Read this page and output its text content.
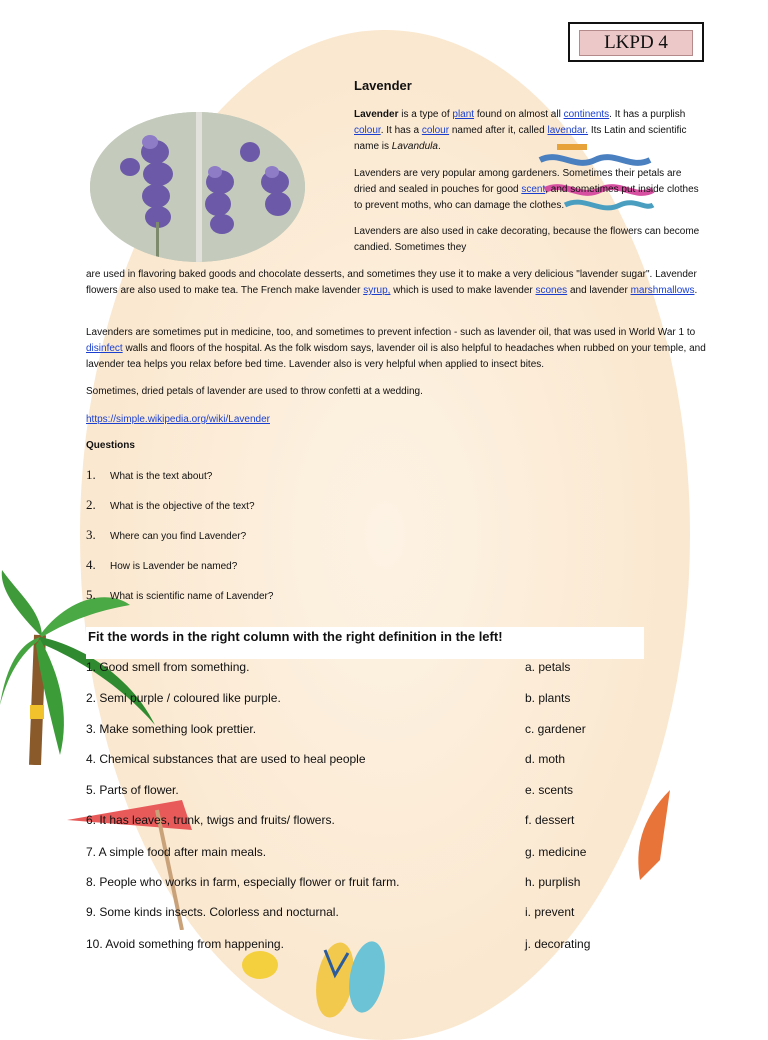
LKPD 4
Lavender

Lavender is a type of plant found on almost all continents. It has a purplish colour. It has a colour named after it, called lavendar. Its Latin and scientific name is Lavandula.

Lavenders are very popular among gardeners. Sometimes their petals are dried and sealed in pouches for good scent, and sometimes put inside clothes to prevent moths, who can damage the clothes.

Lavenders are also used in cake decorating, because the flowers can become candied. Sometimes they

are used in flavoring baked goods and chocolate desserts, and sometimes they use it to make a very delicious "lavender sugar". Lavender flowers are also used to make tea. The French make lavender syrup, which is used to make lavender scones and lavender marshmallows.

Lavenders are sometimes put in medicine, too, and sometimes to prevent infection - such as lavender oil, that was used in World War 1 to disinfect walls and floors of the hospital. As the folk wisdom says, lavender oil is also helpful to headaches when rubbed on your temple, and lavender tea helps you relax before bed time. Lavender also is very helpful when applied to insect bites.

Sometimes, dried petals of lavender are used to throw confetti at a wedding.

https://simple.wikipedia.org/wiki/Lavender

Questions
1. What is the text about?
2. What is the objective of the text?
3. Where can you find Lavender?
4. How is Lavender be named?
5. What is scientific name of Lavender?
Fit the words in the right column with the right definition in the left!
1. Good smell from something.	a. petals
2. Semi purple / coloured like purple.	b. plants
3. Make something look prettier.	c. gardener
4. Chemical substances that are used to heal people	d. moth
5. Parts of flower.	e. scents
6. It has leaves, trunk, twigs and fruits/ flowers.	f. dessert
7. A simple food after main meals.	g. medicine
8. People who works in farm, especially flower or fruit farm.	h. purplish
9. Some kinds insects. Colorless and nocturnal.	i. prevent
10. Avoid something from happening.	j. decorating
